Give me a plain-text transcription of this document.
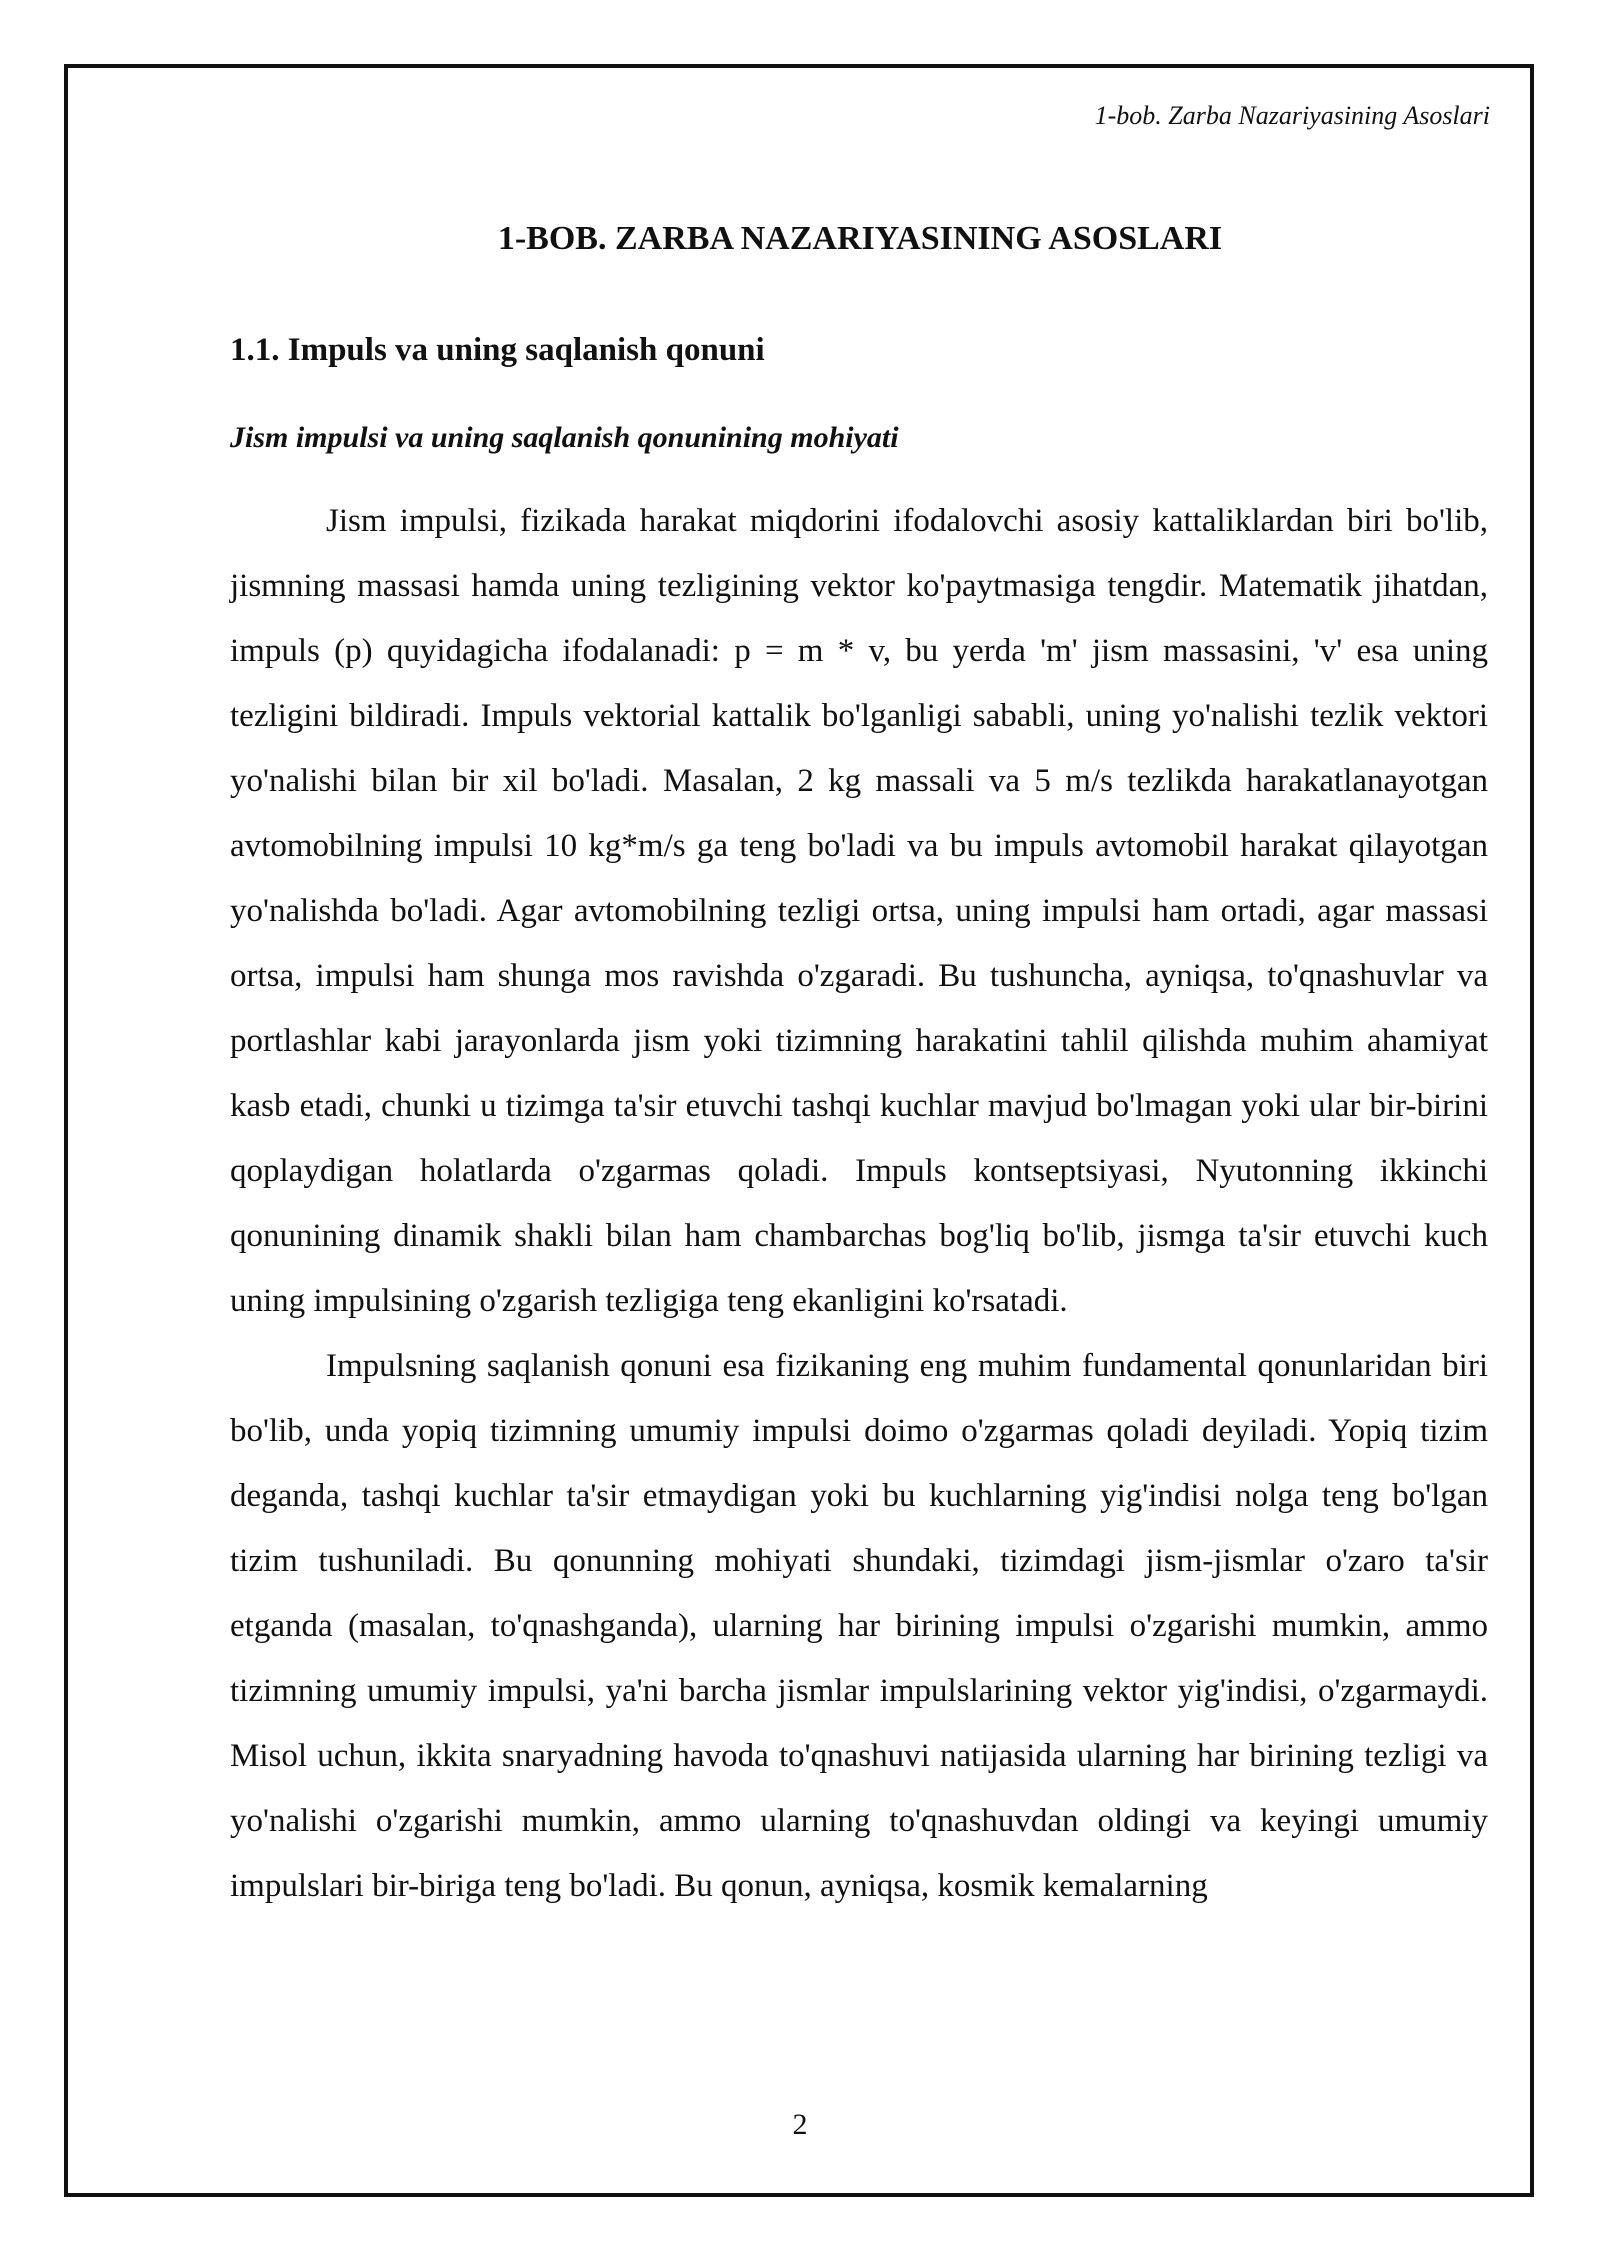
1-bob. Zarba Nazariyasining Asoslari
1-BOB. ZARBA NAZARIYASINING ASOSLARI
1.1. Impuls va uning saqlanish qonuni
Jism impulsi va uning saqlanish qonunining mohiyati

Jism impulsi, fizikada harakat miqdorini ifodalovchi asosiy kattaliklardan biri bo'lib, jismning massasi hamda uning tezligining vektor ko'paytmasiga tengdir. Matematik jihatdan, impuls (p) quyidagicha ifodalanadi: p = m * v, bu yerda 'm' jism massasini, 'v' esa uning tezligini bildiradi. Impuls vektorial kattalik bo'lganligi sababli, uning yo'nalishi tezlik vektori yo'nalishi bilan bir xil bo'ladi. Masalan, 2 kg massali va 5 m/s tezlikda harakatlanayotgan avtomobilning impulsi 10 kg*m/s ga teng bo'ladi va bu impuls avtomobil harakat qilayotgan yo'nalishda bo'ladi. Agar avtomobilning tezligi ortsa, uning impulsi ham ortadi, agar massasi ortsa, impulsi ham shunga mos ravishda o'zgaradi. Bu tushuncha, ayniqsa, to'qnashuvlar va portlashlar kabi jarayonlarda jism yoki tizimning harakatini tahlil qilishda muhim ahamiyat kasb etadi, chunki u tizimga ta'sir etuvchi tashqi kuchlar mavjud bo'lmagan yoki ular bir-birini qoplaydigan holatlarda o'zgarmas qoladi. Impuls kontseptsiyasi, Nyutonning ikkinchi qonunining dinamik shakli bilan ham chambarchas bog'liq bo'lib, jismga ta'sir etuvchi kuch uning impulsining o'zgarish tezligiga teng ekanligini ko'rsatadi.

Impulsning saqlanish qonuni esa fizikaning eng muhim fundamental qonunlaridan biri bo'lib, unda yopiq tizimning umumiy impulsi doimo o'zgarmas qoladi deyiladi. Yopiq tizim deganda, tashqi kuchlar ta'sir etmaydigan yoki bu kuchlarning yig'indisi nolga teng bo'lgan tizim tushuniladi. Bu qonunning mohiyati shundaki, tizimdagi jism-jismlar o'zaro ta'sir etganda (masalan, to'qnashganda), ularning har birining impulsi o'zgarishi mumkin, ammo tizimning umumiy impulsi, ya'ni barcha jismlar impulslarining vektor yig'indisi, o'zgarmaydi. Misol uchun, ikkita snaryadning havoda to'qnashuvi natijasida ularning har birining tezligi va yo'nalishi o'zgarishi mumkin, ammo ularning to'qnashuvdan oldingi va keyingi umumiy impulslari bir-biriga teng bo'ladi. Bu qonun, ayniqsa, kosmik kemalarning

2
